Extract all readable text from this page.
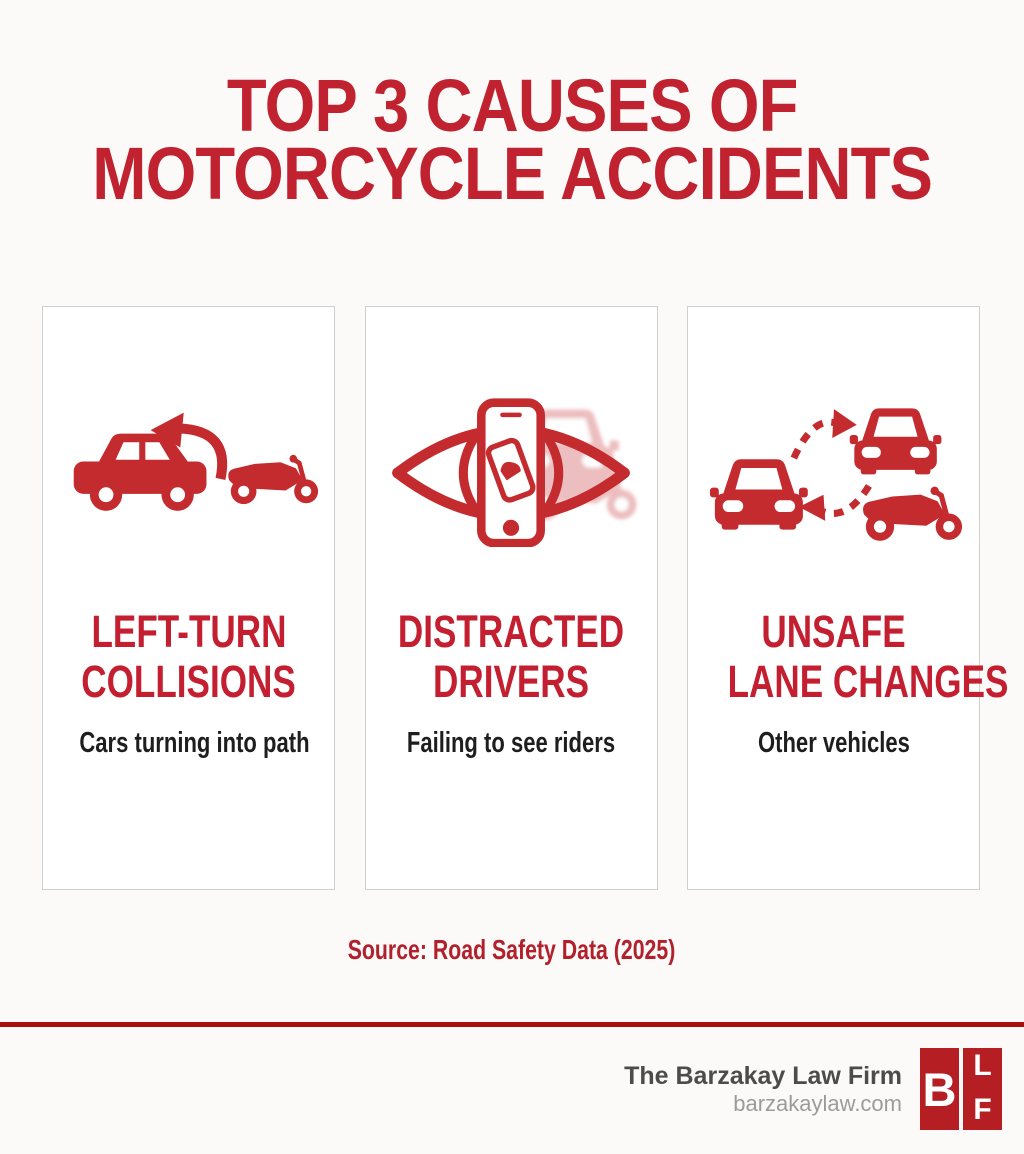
TOP 3 CAUSES OF
MOTORCYCLE ACCIDENTS
LEFT-TURN
COLLISIONS
Cars turning into path
DISTRACTED
DRIVERS
Failing to see riders
UNSAFE
LANE CHANGES
Other vehicles
Source: Road Safety Data (2025)
The Barzakay Law Firm
barzakaylaw.com B L
F
